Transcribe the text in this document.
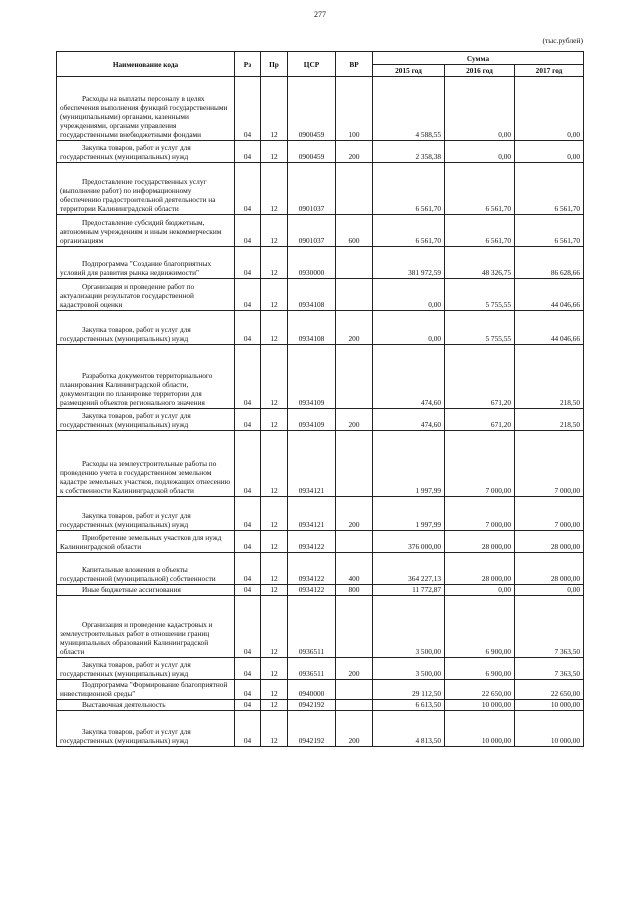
277
(тыс.рублей)
Наименование кода	Рз	Пр	ЦСР	ВР	Сумма		
					2015 год	2016 год	2017 год
Расходы на выплаты персоналу в целях обеспечения выполнения функций государственными (муниципальными) органами, казенными учреждениями, органами управления государственными внебюджетными фондами	04	12	0900459	100	4 588,55	0,00	0,00
Закупка товаров, работ и услуг для государственных (муниципальных) нужд	04	12	0900459	200	2 358,38	0,00	0,00
Предоставление государственных услуг (выполнение работ) по информационному обеспечению градостроительной деятельности на территории Калининградской области	04	12	0901037		6 561,70	6 561,70	6 561,70
Предоставление субсидий бюджетным, автономным учреждениям и иным некоммерческим организациям	04	12	0901037	600	6 561,70	6 561,70	6 561,70
Подпрограмма "Создание благоприятных условий для развития рынка недвижимости"	04	12	0930000		381 972,59	48 326,75	86 628,66
Организация и проведение работ по актуализации результатов государственной кадастровой оценки	04	12	0934108		0,00	5 755,55	44 046,66
Закупка товаров, работ и услуг для государственных (муниципальных) нужд	04	12	0934108	200	0,00	5 755,55	44 046,66
Разработка документов территориального планирования Калининградской области, документации по планировке территории для размещений объектов регионального значения	04	12	0934109		474,60	671,20	218,50
Закупка товаров, работ и услуг для государственных (муниципальных) нужд	04	12	0934109	200	474,60	671,20	218,50
Расходы на землеустроительные работы по проведению учета в государственном земельном кадастре земельных участков, подлежащих отнесению к собственности Калининградской области	04	12	0934121		1 997,99	7 000,00	7 000,00
Закупка товаров, работ и услуг для государственных (муниципальных) нужд	04	12	0934121	200	1 997,99	7 000,00	7 000,00
Приобретение земельных участков для нужд Калининградской области	04	12	0934122		376 000,00	28 000,00	28 000,00
Капитальные вложения в объекты государственной (муниципальной) собственности	04	12	0934122	400	364 227,13	28 000,00	28 000,00
Иные бюджетные ассигнования	04	12	0934122	800	11 772,87	0,00	0,00
Организация и проведение кадастровых и землеустроительных работ в отношении границ муниципальных образований Калининградской области	04	12	0936511		3 500,00	6 900,00	7 363,50
Закупка товаров, работ и услуг для государственных (муниципальных) нужд	04	12	0936511	200	3 500,00	6 900,00	7 363,50
Подпрограмма "Формирование благоприятной инвестиционной среды"	04	12	0940000		29 112,50	22 650,00	22 650,00
Выставочная деятельность	04	12	0942192		6 613,50	10 000,00	10 000,00
Закупка товаров, работ и услуг для государственных (муниципальных) нужд	04	12	0942192	200	4 813,50	10 000,00	10 000,00
